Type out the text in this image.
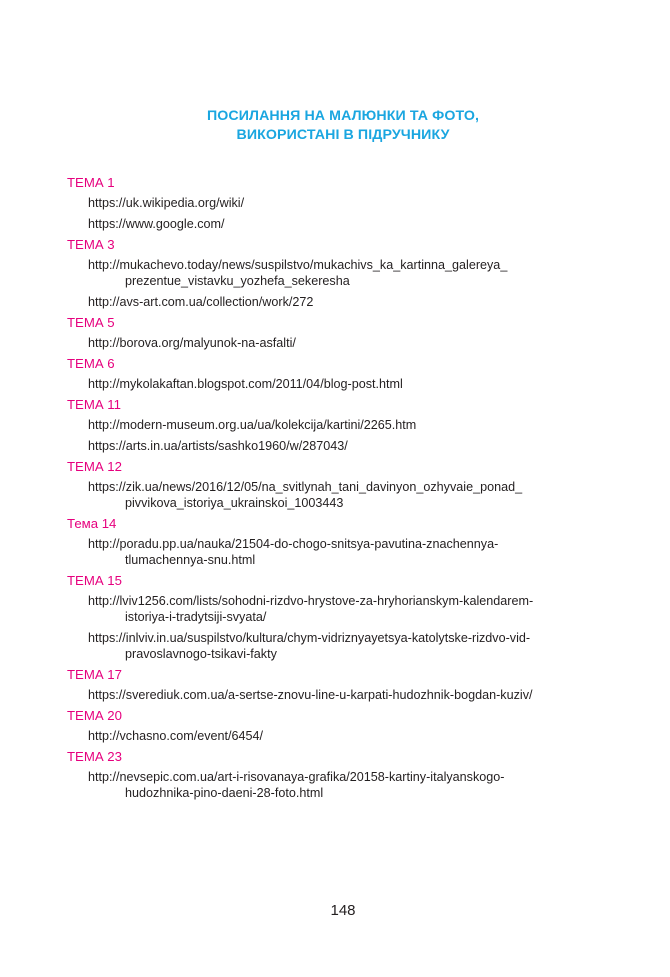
ПОСИЛАННЯ НА МАЛЮНКИ ТА ФОТО,
ВИКОРИСТАНІ В ПІДРУЧНИКУ
ТЕМА 1
https://uk.wikipedia.org/wiki/
https://www.google.com/
ТЕМА 3
http://mukachevo.today/news/suspilstvo/mukachivs_ka_kartinna_galereya_
prezentue_vistavku_yozhefa_sekeresha
http://avs-art.com.ua/collection/work/272
ТЕМА 5
http://borova.org/malyunok-na-asfalti/
ТЕМА 6
http://mykolakaftan.blogspot.com/2011/04/blog-post.html
ТЕМА 11
http://modern-museum.org.ua/ua/kolekcija/kartini/2265.htm
https://arts.in.ua/artists/sashko1960/w/287043/
ТЕМА 12
https://zik.ua/news/2016/12/05/na_svitlynah_tani_davinyon_ozhyvaie_ponad_
pivvikova_istoriya_ukrainskoi_1003443
Тема 14
http://poradu.pp.ua/nauka/21504-do-chogo-snitsya-pavutina-znachennya-
tlumachennya-snu.html
ТЕМА 15
http://lviv1256.com/lists/sohodni-rizdvo-hrystove-za-hryhorianskym-kalendarem-
istoriya-i-tradytsiji-svyata/
https://inlviv.in.ua/suspilstvo/kultura/chym-vidriznyayetsya-katolytske-rizdvo-vid-
pravoslavnogo-tsikavi-fakty
ТЕМА 17
https://sverediuk.com.ua/a-sertse-znovu-line-u-karpati-hudozhnik-bogdan-kuziv/
ТЕМА 20
http://vchasno.com/event/6454/
ТЕМА 23
http://nevsepic.com.ua/art-i-risovanaya-grafika/20158-kartiny-italyanskogo-
hudozhnika-pino-daeni-28-foto.html
148
